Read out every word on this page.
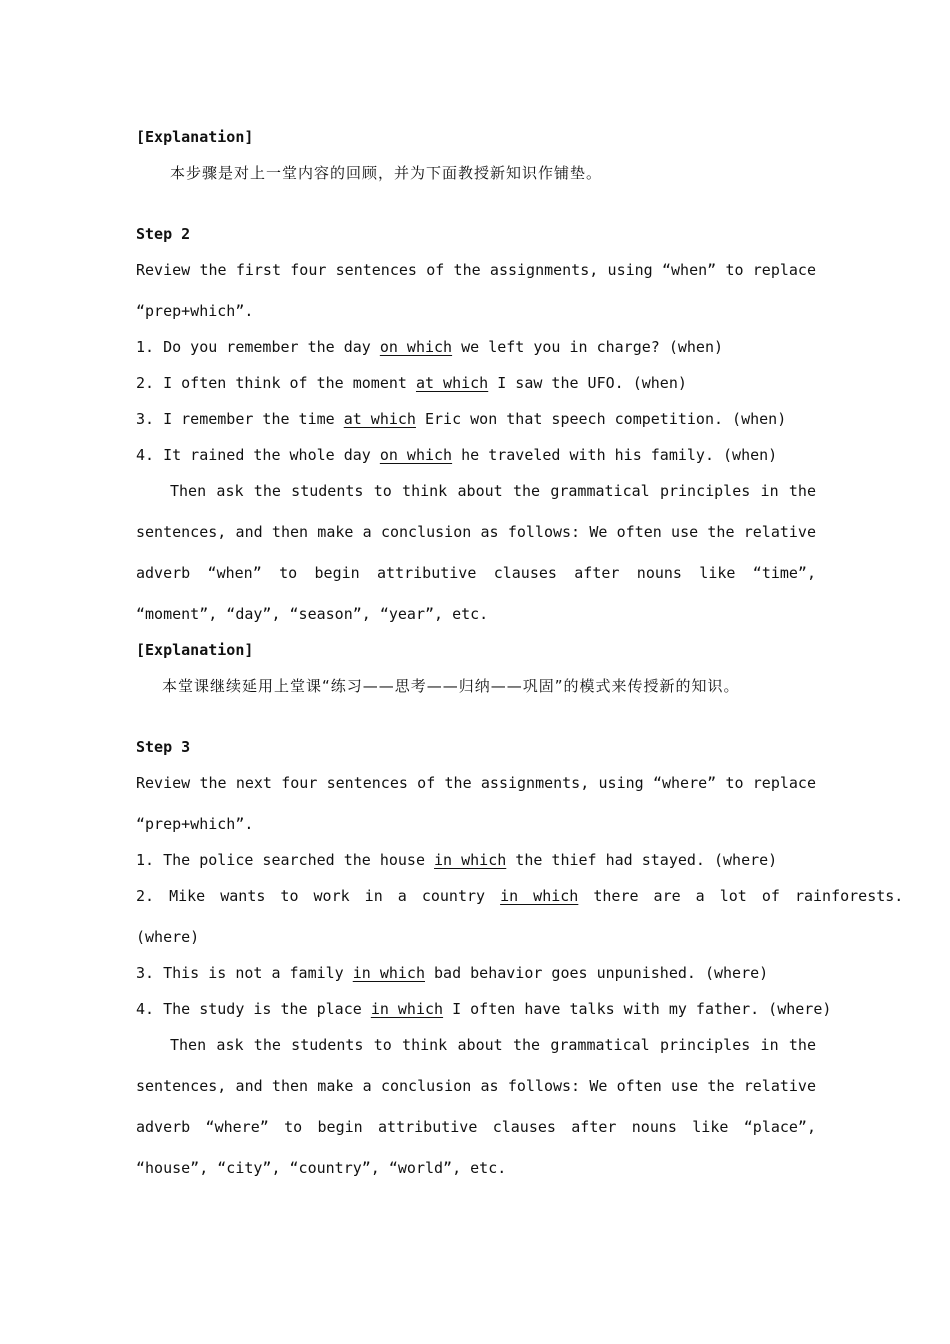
[Explanation]
本步骤是对上一堂内容的回顾，并为下面教授新知识作铺垫。
Step 2
Review the first four sentences of the assignments, using “when” to replace
“prep+which”.
1. Do you remember the day on which we left you in charge? (when)
2. I often think of the moment at which I saw the UFO. (when)
3. I remember the time at which Eric won that speech competition. (when)
4. It rained the whole day on which he traveled with his family. (when)
Then ask the students to think about the grammatical principles in the
sentences, and then make a conclusion as follows: We often use the relative
adverb “when” to begin attributive clauses after nouns like “time”,
“moment”, “day”, “season”, “year”, etc.
[Explanation]
本堂课继续延用上堂课“练习——思考——归纳——巩固”的模式来传授新的知识。
Step 3
Review the next four sentences of the assignments, using “where” to replace
“prep+which”.
1. The police searched the house in which the thief had stayed. (where)
2. Mike wants to work in a country in which there are a lot of rainforests.
(where)
3. This is not a family in which bad behavior goes unpunished. (where)
4. The study is the place in which I often have talks with my father. (where)
Then ask the students to think about the grammatical principles in the
sentences, and then make a conclusion as follows: We often use the relative
adverb “where” to begin attributive clauses after nouns like “place”,
“house”, “city”, “country”, “world”, etc.
